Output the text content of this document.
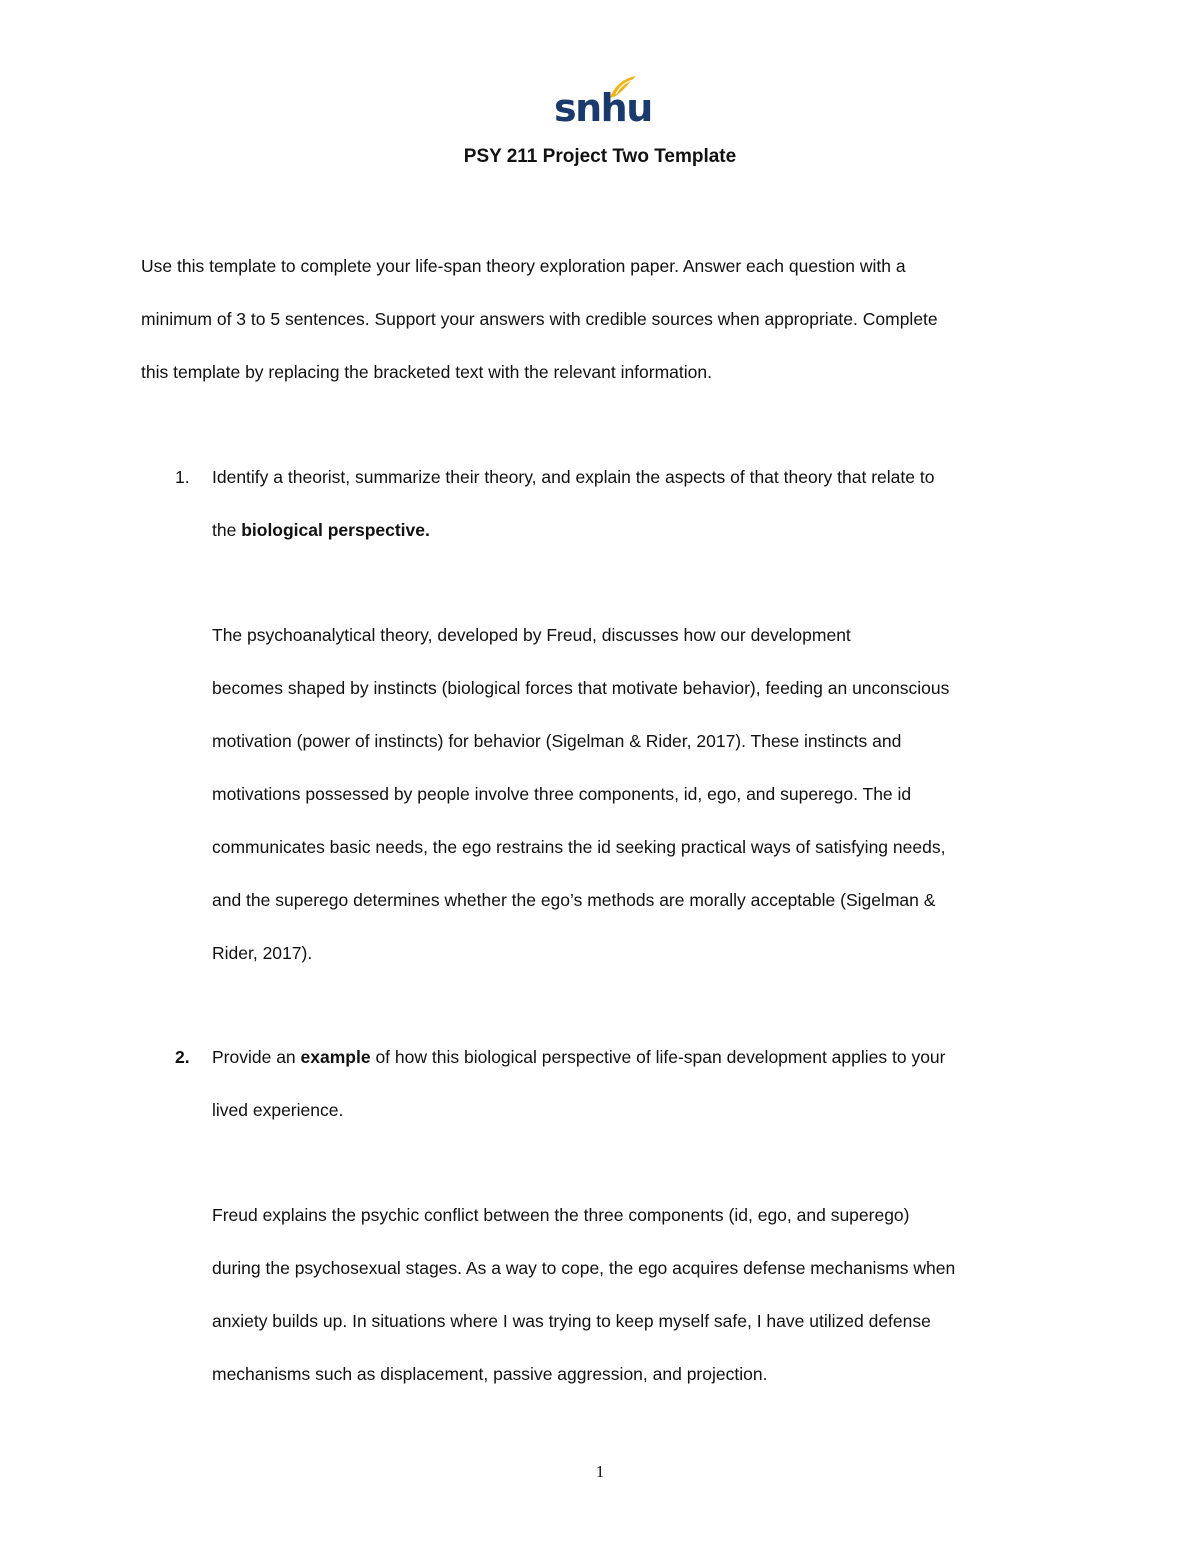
snhu
PSY 211 Project Two Template
Use this template to complete your life-span theory exploration paper. Answer each question with a
minimum of 3 to 5 sentences. Support your answers with credible sources when appropriate. Complete
this template by replacing the bracketed text with the relevant information.
1. Identify a theorist, summarize their theory, and explain the aspects of that theory that relate to
the biological perspective.
The psychoanalytical theory, developed by Freud, discusses how our development
becomes shaped by instincts (biological forces that motivate behavior), feeding an unconscious
motivation (power of instincts) for behavior (Sigelman & Rider, 2017). These instincts and
motivations possessed by people involve three components, id, ego, and superego. The id
communicates basic needs, the ego restrains the id seeking practical ways of satisfying needs,
and the superego determines whether the ego’s methods are morally acceptable (Sigelman &
Rider, 2017).
2. Provide an example of how this biological perspective of life-span development applies to your
lived experience.
Freud explains the psychic conflict between the three components (id, ego, and superego)
during the psychosexual stages. As a way to cope, the ego acquires defense mechanisms when
anxiety builds up. In situations where I was trying to keep myself safe, I have utilized defense
mechanisms such as displacement, passive aggression, and projection.
1
